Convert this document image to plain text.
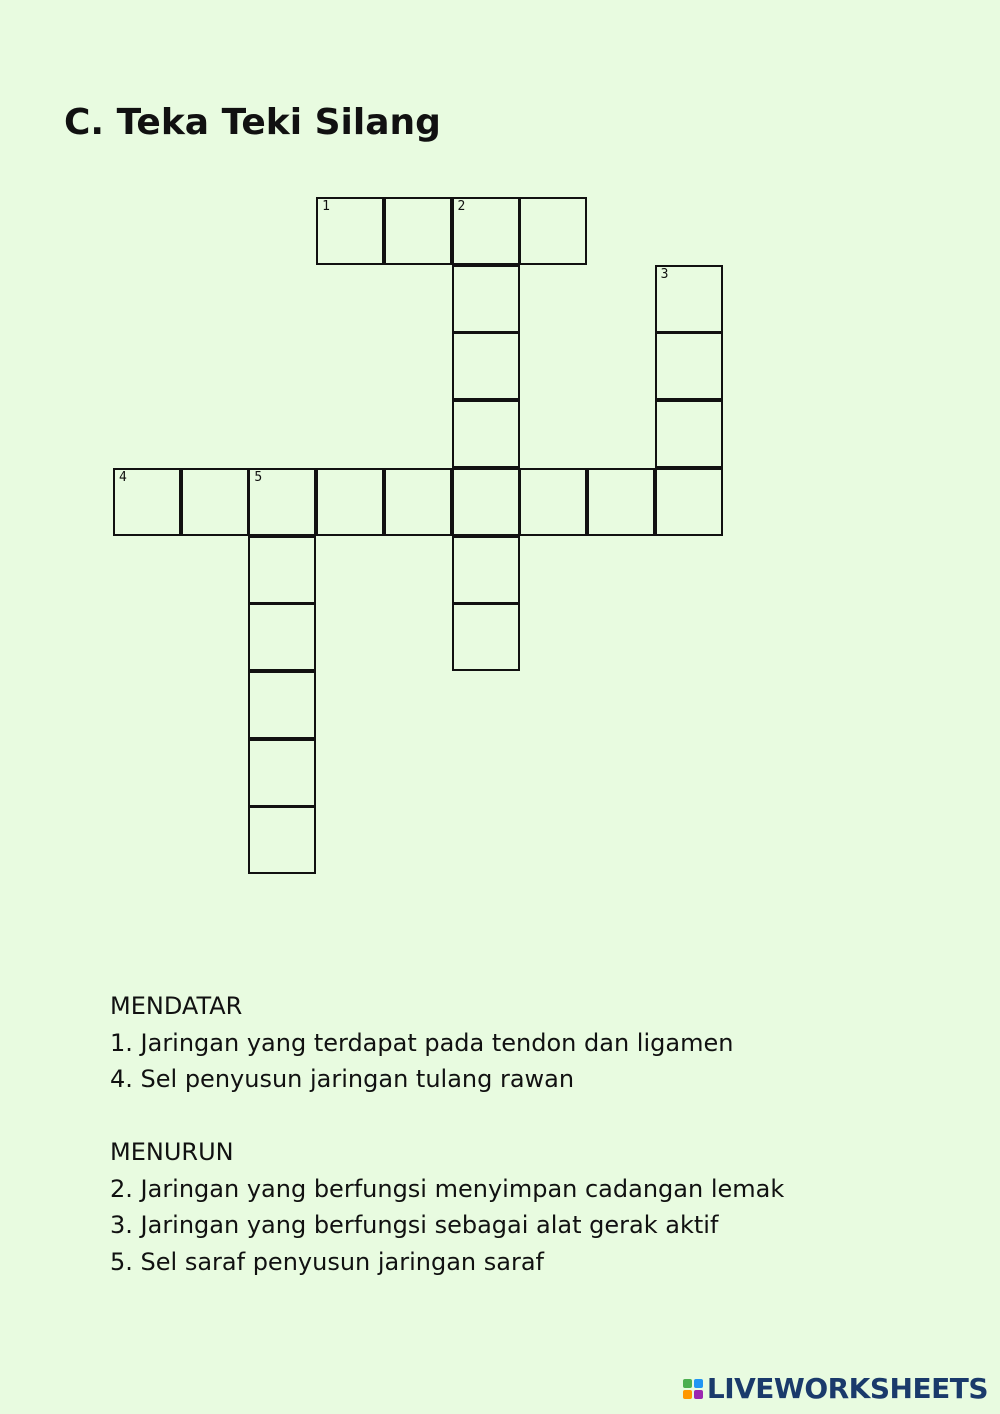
C. Teka Teki Silang
1	2
3
4	5
MENDATAR
1. Jaringan yang terdapat pada tendon dan ligamen
4. Sel penyusun jaringan tulang rawan
MENURUN
2. Jaringan yang berfungsi menyimpan cadangan lemak
3. Jaringan yang berfungsi sebagai alat gerak aktif
5. Sel saraf penyusun jaringan saraf
LIVEWORKSHEETS
